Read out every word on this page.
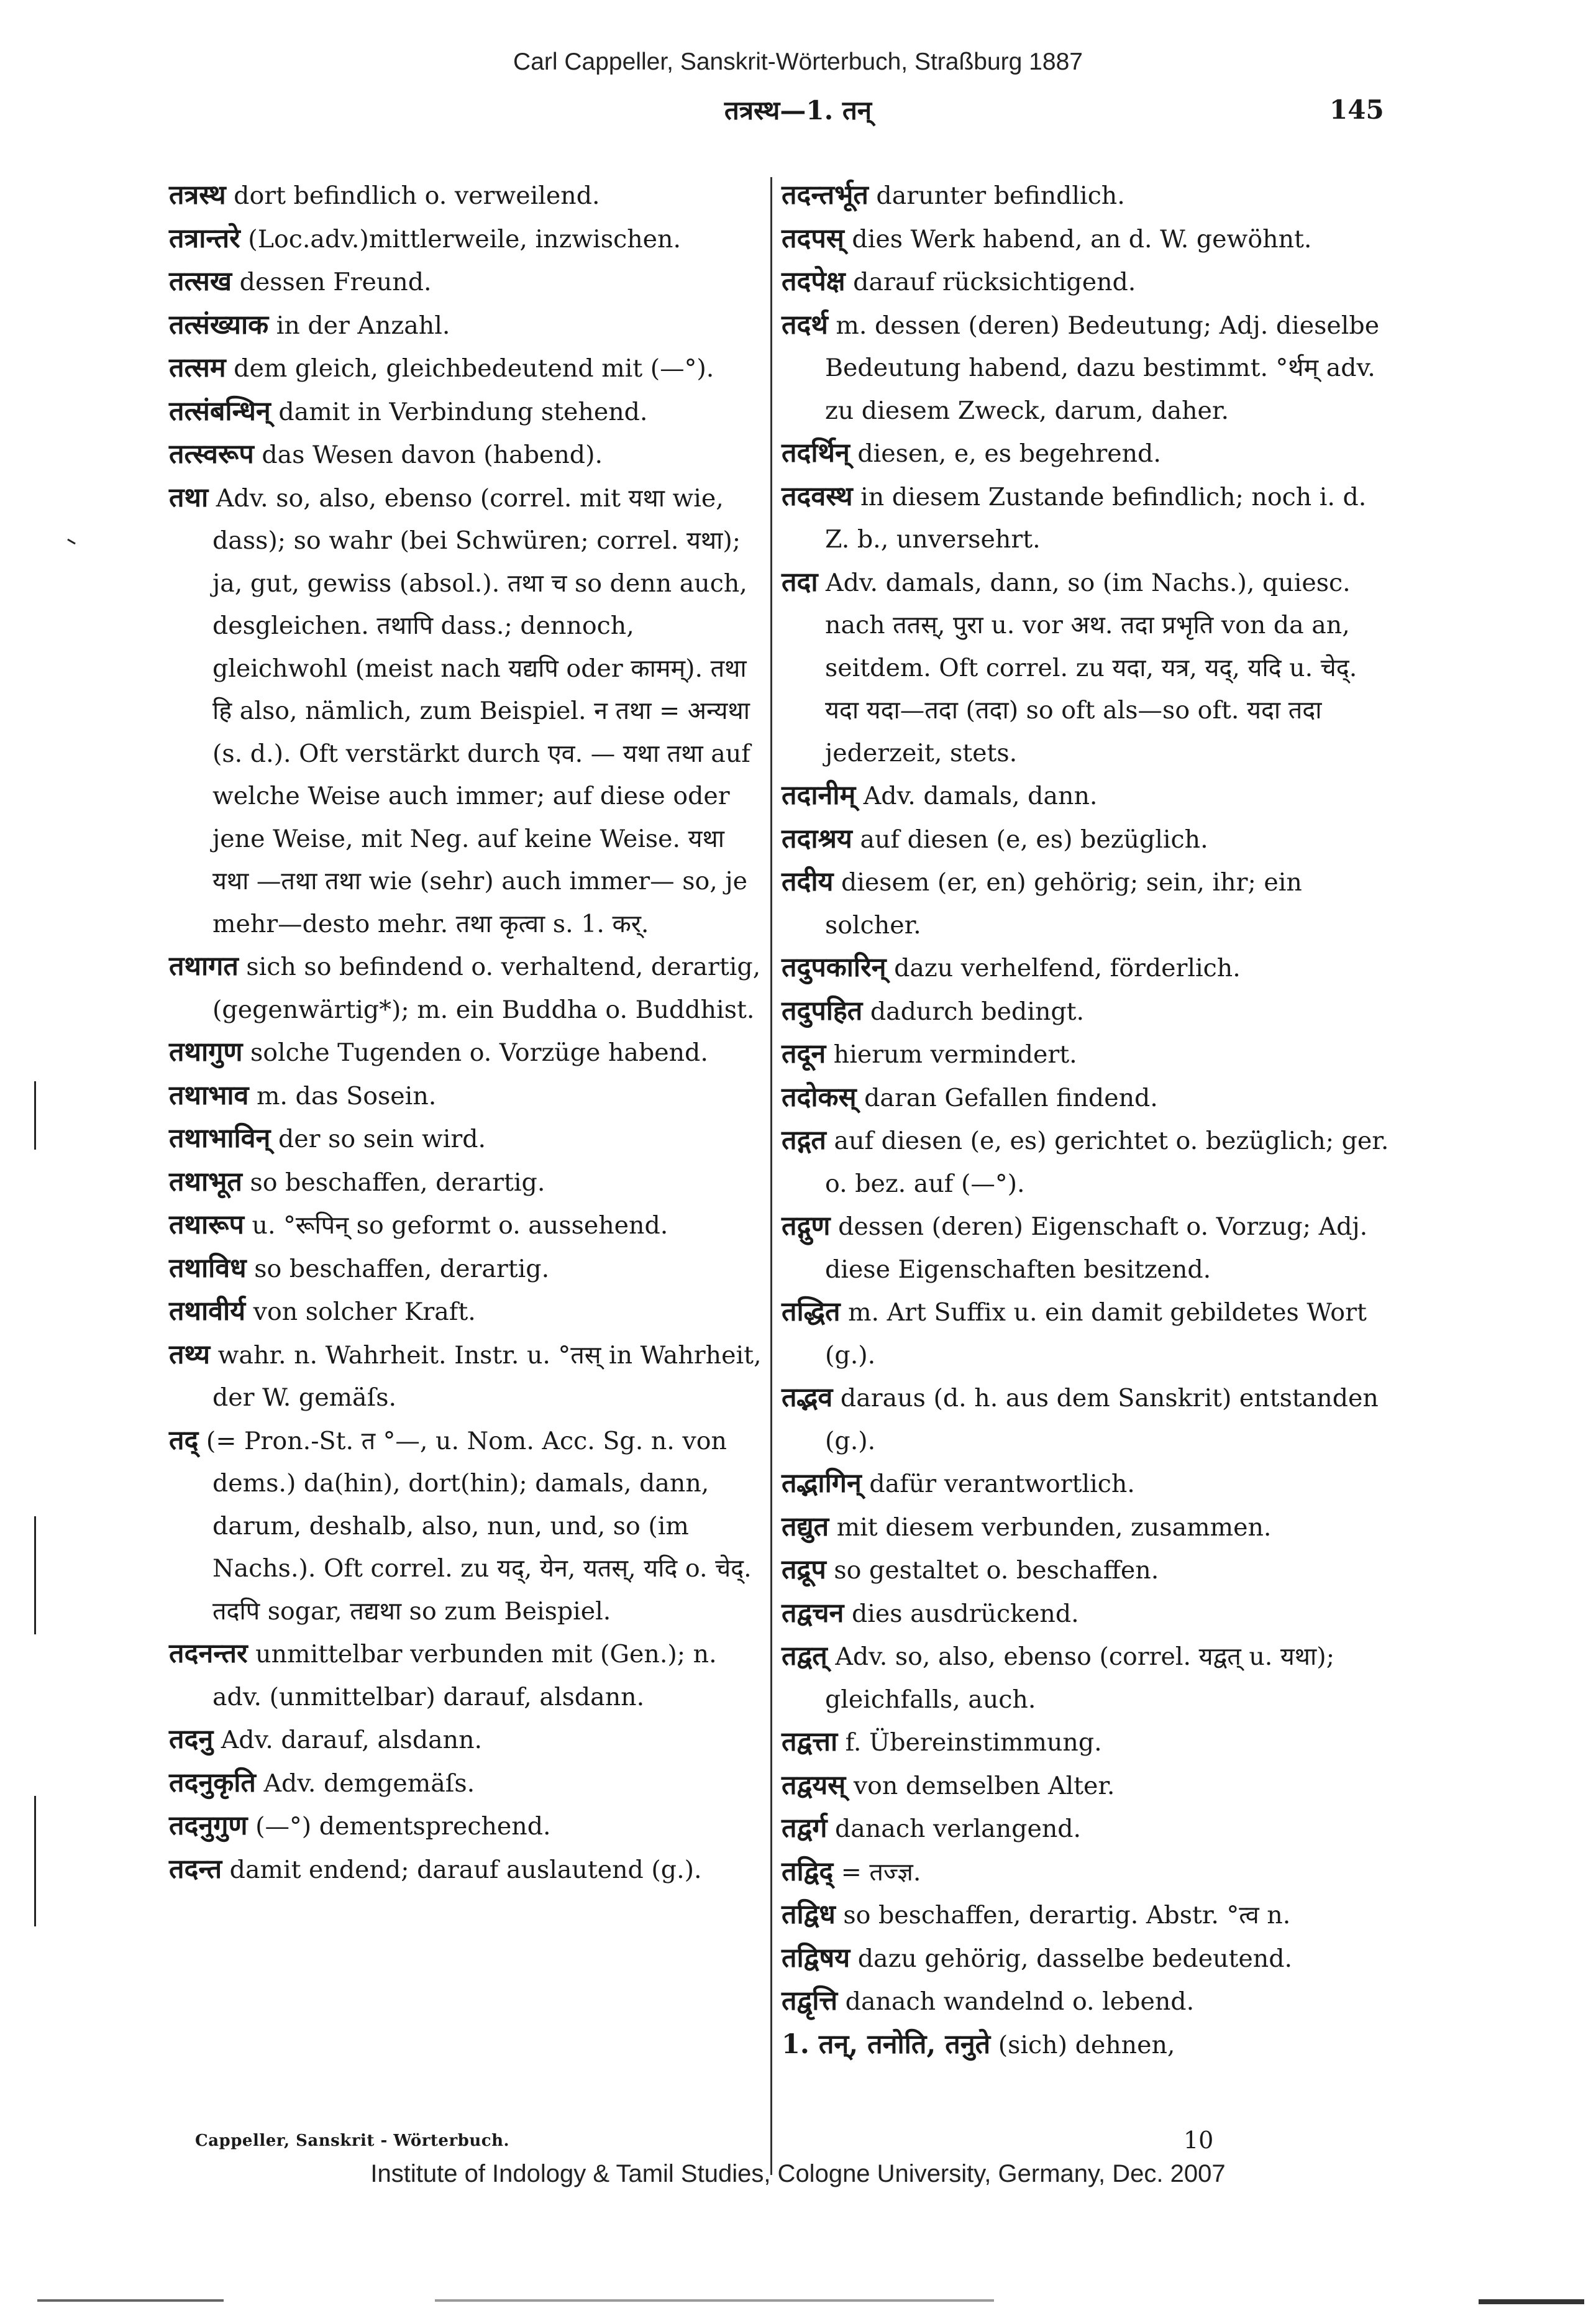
Carl Cappeller, Sanskrit-Wörterbuch, Straßburg 1887
तत्रस्थ—1. तन्	145

तत्रस्थ dort befindlich o. verweilend.

तत्रान्तरे (Loc.adv.)mittlerweile, inzwischen.

तत्सख dessen Freund.

तत्संख्याक in der Anzahl.

तत्सम dem gleich, gleichbedeutend mit (—°).

तत्संबन्धिन् damit in Verbindung stehend.

तत्स्वरूप das Wesen davon (habend).

तथा Adv. so, also, ebenso (correl. mit यथा wie, dass); so wahr (bei Schwüren; correl. यथा); ja, gut, gewiss (absol.). तथा च so denn auch, desgleichen. तथापि dass.; dennoch, gleichwohl (meist nach यद्यपि oder कामम्). तथा हि also, nämlich, zum Beispiel. न तथा = अन्यथा (s. d.). Oft verstärkt durch एव. — यथा तथा auf welche Weise auch immer; auf diese oder jene Weise, mit Neg. auf keine Weise. यथा यथा —तथा तथा wie (sehr) auch immer— so, je mehr—desto mehr. तथा कृत्वा s. 1. कर्.

तथागत sich so befindend o. verhaltend, derartig, (gegenwärtig*); m. ein Buddha o. Buddhist.

तथागुण solche Tugenden o. Vorzüge habend.

तथाभाव m. das Sosein.

तथाभाविन् der so sein wird.

तथाभूत so beschaffen, derartig.

तथारूप u. °रूपिन् so geformt o. aussehend.

तथाविध so beschaffen, derartig.

तथावीर्य von solcher Kraft.

तथ्य wahr. n. Wahrheit. Instr. u. °तस् in Wahrheit, der W. gemäſs.

तद् (= Pron.-St. त °—, u. Nom. Acc. Sg. n. von dems.) da(hin), dort(hin); damals, dann, darum, deshalb, also, nun, und, so (im Nachs.). Oft correl. zu यद्, येन, यतस्, यदि o. चेद्. तदपि sogar, तद्यथा so zum Beispiel.

तदनन्तर unmittelbar verbunden mit (Gen.); n. adv. (unmittelbar) darauf, alsdann.

तदनु Adv. darauf, alsdann.

तदनुकृति Adv. demgemäſs.

तदनुगुण (—°) dementsprechend.

तदन्त damit endend; darauf auslautend (g.).

तदन्तर्भूत darunter befindlich.

तदपस् dies Werk habend, an d. W. gewöhnt.

तदपेक्ष darauf rücksichtigend.

तदर्थ m. dessen (deren) Bedeutung; Adj. dieselbe Bedeutung habend, dazu bestimmt. °र्थम् adv. zu diesem Zweck, darum, daher.

तदर्थिन् diesen, e, es begehrend.

तदवस्थ in diesem Zustande befindlich; noch i. d. Z. b., unversehrt.

तदा Adv. damals, dann, so (im Nachs.), quiesc. nach ततस्, पुरा u. vor अथ. तदा प्रभृति von da an, seitdem. Oft correl. zu यदा, यत्र, यद्, यदि u. चेद्. यदा यदा—तदा (तदा) so oft als—so oft. यदा तदा jederzeit, stets.

तदानीम् Adv. damals, dann.

तदाश्रय auf diesen (e, es) bezüglich.

तदीय diesem (er, en) gehörig; sein, ihr; ein solcher.

तदुपकारिन् dazu verhelfend, förderlich.

तदुपहित dadurch bedingt.

तदून hierum vermindert.

तदोकस् daran Gefallen findend.

तद्गत auf diesen (e, es) gerichtet o. bezüglich; ger. o. bez. auf (—°).

तद्गुण dessen (deren) Eigenschaft o. Vorzug; Adj. diese Eigenschaften besitzend.

तद्धित m. Art Suffix u. ein damit gebildetes Wort (g.).

तद्भव daraus (d. h. aus dem Sanskrit) entstanden (g.).

तद्भागिन् dafür verantwortlich.

तद्युत mit diesem verbunden, zusammen.

तद्रूप so gestaltet o. beschaffen.

तद्वचन dies ausdrückend.

तद्वत् Adv. so, also, ebenso (correl. यद्वत् u. यथा); gleichfalls, auch.

तद्वत्ता f. Übereinstimmung.

तद्वयस् von demselben Alter.

तद्वर्ग danach verlangend.

तद्विद् = तज्ज्ञ.

तद्विध so beschaffen, derartig. Abstr. °त्व n.

तद्विषय dazu gehörig, dasselbe bedeutend.

तद्वृत्ति danach wandelnd o. lebend.

1. तन्, तनोति, तनुते (sich) dehnen,

Cappeller, Sanskrit - Wörterbuch.	10
Institute of Indology & Tamil Studies, Cologne University, Germany, Dec. 2007
